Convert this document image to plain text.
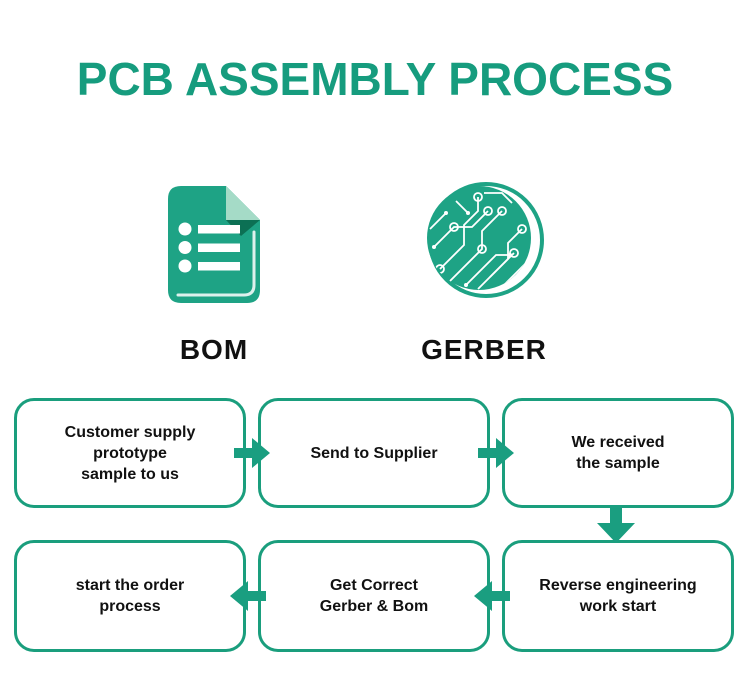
PCB ASSEMBLY PROCESS
BOM	GERBER
Customer supply prototype
sample to us
Send to Supplier
We received
the sample
start the order
process
Get Correct
Gerber & Bom
Reverse engineering
work start
